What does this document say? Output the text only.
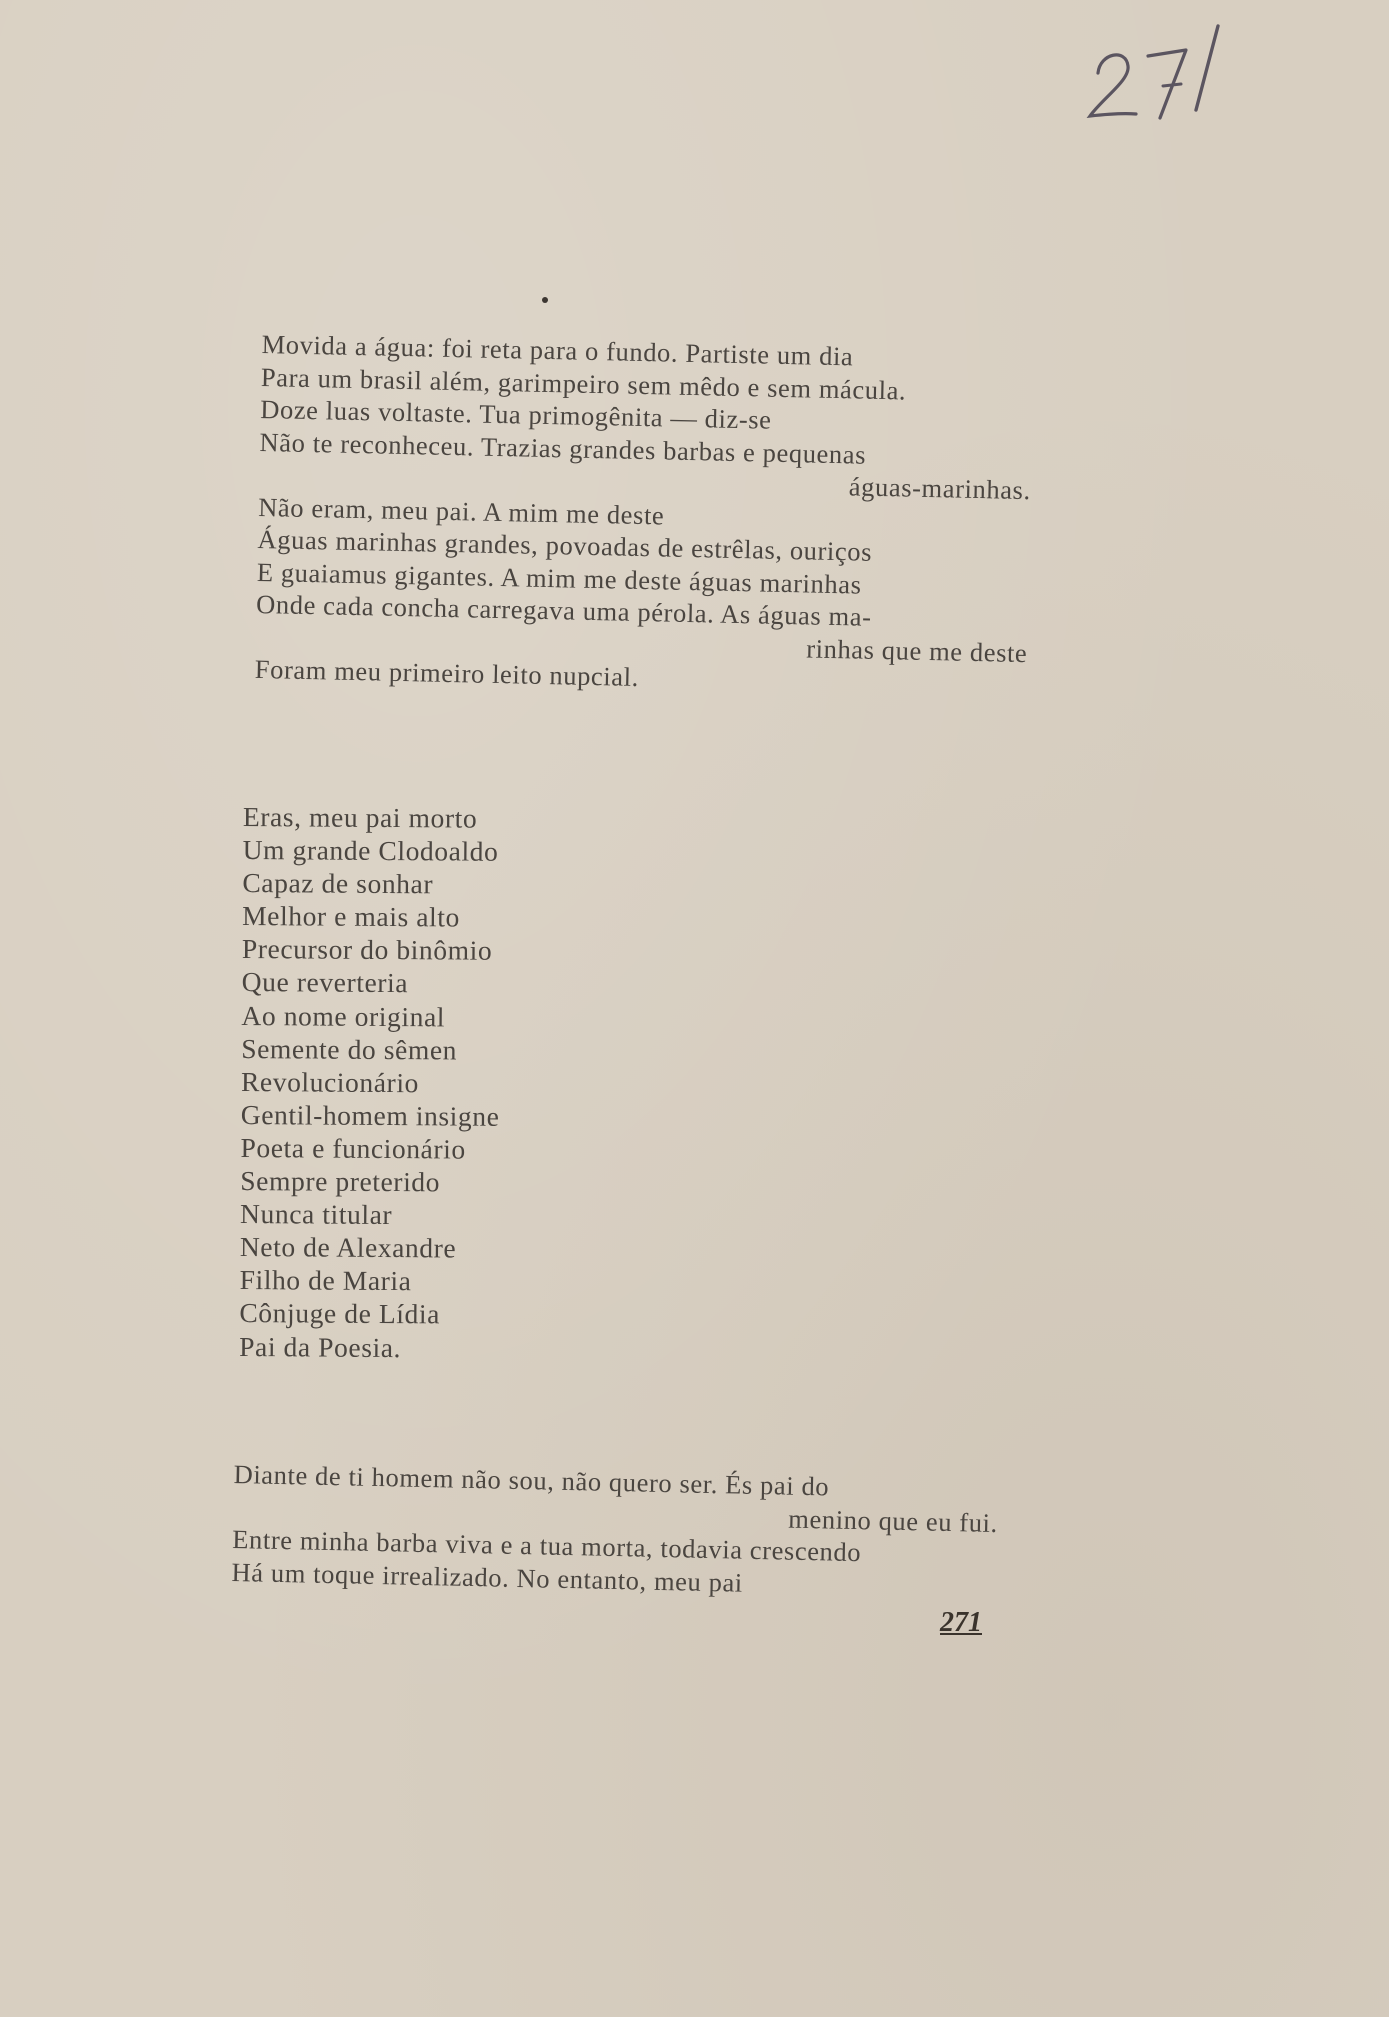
Movida a água: foi reta para o fundo. Partiste um dia
Para um brasil além, garimpeiro sem mêdo e sem mácula.
Doze luas voltaste. Tua primogênita — diz-se
Não te reconheceu. Trazias grandes barbas e pequenas
águas-marinhas.
Não eram, meu pai. A mim me deste
Águas marinhas grandes, povoadas de estrêlas, ouriços
E guaiamus gigantes. A mim me deste águas marinhas
Onde cada concha carregava uma pérola. As águas ma-
rinhas que me deste
Foram meu primeiro leito nupcial.
Eras, meu pai morto
Um grande Clodoaldo
Capaz de sonhar
Melhor e mais alto
Precursor do binômio
Que reverteria
Ao nome original
Semente do sêmen
Revolucionário
Gentil-homem insigne
Poeta e funcionário
Sempre preterido
Nunca titular
Neto de Alexandre
Filho de Maria
Cônjuge de Lídia
Pai da Poesia.
Diante de ti homem não sou, não quero ser. És pai do
menino que eu fui.
Entre minha barba viva e a tua morta, todavia crescendo
Há um toque irrealizado. No entanto, meu pai
271
